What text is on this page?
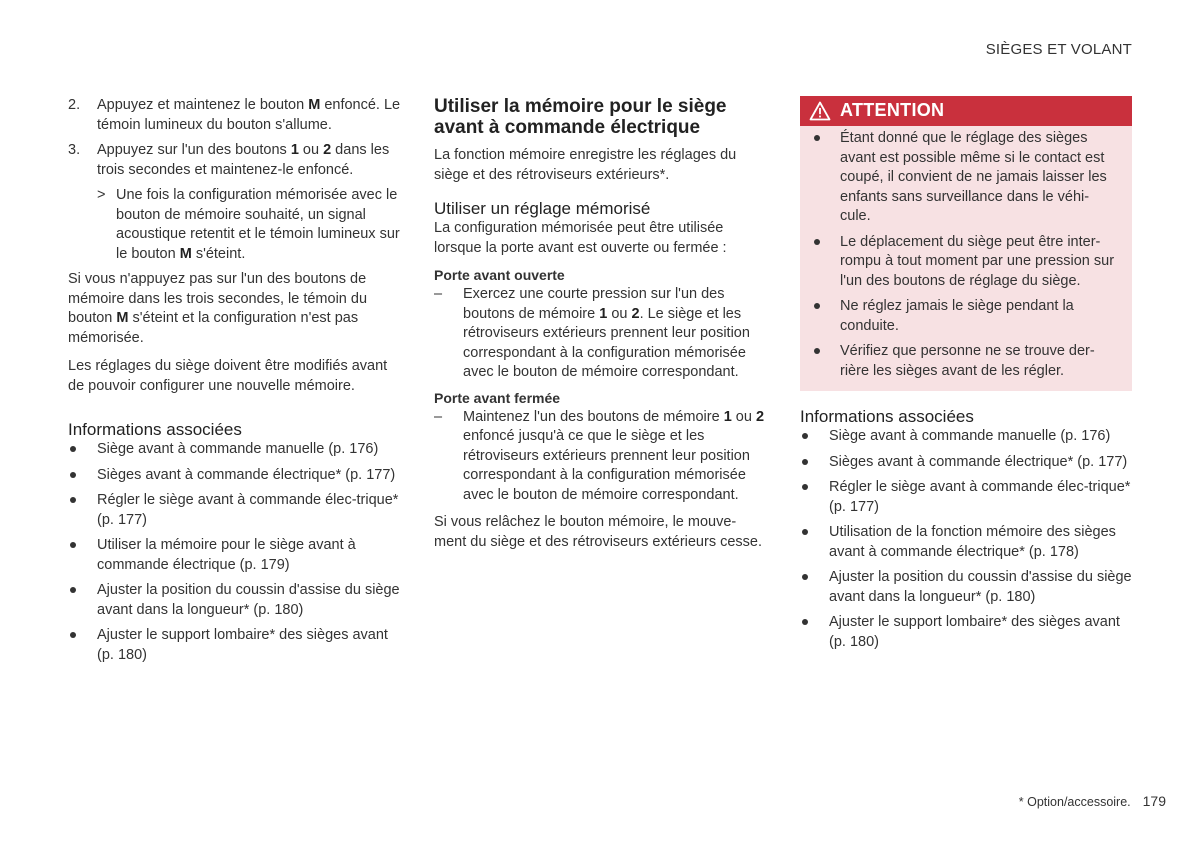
SIÈGES ET VOLANT
2.	Appuyez et maintenez le bouton M enfoncé. Le témoin lumineux du bouton s'allume.
3.	Appuyez sur l'un des boutons 1 ou 2 dans les trois secondes et maintenez-le enfoncé.
> Une fois la configuration mémorisée avec le bouton de mémoire souhaité, un signal acoustique retentit et le témoin lumineux sur le bouton M s'éteint.

Si vous n'appuyez pas sur l'un des boutons de mémoire dans les trois secondes, le témoin du bouton M s'éteint et la configuration n'est pas mémorisée.

Les réglages du siège doivent être modifiés avant de pouvoir configurer une nouvelle mémoire.

Informations associées
Siège avant à commande manuelle (p. 176)
Sièges avant à commande électrique* (p. 177)
Régler le siège avant à commande élec-trique* (p. 177)
Utiliser la mémoire pour le siège avant à commande électrique (p. 179)
Ajuster la position du coussin d'assise du siège avant dans la longueur* (p. 180)
Ajuster le support lombaire* des sièges avant (p. 180)
Utiliser la mémoire pour le siège avant à commande électrique

La fonction mémoire enregistre les réglages du siège et des rétroviseurs extérieurs*.

Utiliser un réglage mémorisé

La configuration mémorisée peut être utilisée lorsque la porte avant est ouverte ou fermée :

Porte avant ouverte
–	Exercez une courte pression sur l'un des boutons de mémoire 1 ou 2. Le siège et les rétroviseurs extérieurs prennent leur position correspondant à la configuration mémorisée avec le bouton de mémoire correspondant.
Porte avant fermée
–	Maintenez l'un des boutons de mémoire 1 ou 2 enfoncé jusqu'à ce que le siège et les rétroviseurs extérieurs prennent leur position correspondant à la configuration mémorisée avec le bouton de mémoire correspondant.

Si vous relâchez le bouton mémoire, le mouve-ment du siège et des rétroviseurs extérieurs cesse.

ATTENTION
Étant donné que le réglage des sièges avant est possible même si le contact est coupé, il convient de ne jamais laisser les enfants sans surveillance dans le véhi-cule.
Le déplacement du siège peut être inter-rompu à tout moment par une pression sur l'un des boutons de réglage du siège.
Ne réglez jamais le siège pendant la conduite.
Vérifiez que personne ne se trouve der-rière les sièges avant de les régler.
Informations associées
Siège avant à commande manuelle (p. 176)
Sièges avant à commande électrique* (p. 177)
Régler le siège avant à commande élec-trique* (p. 177)
Utilisation de la fonction mémoire des sièges avant à commande électrique* (p. 178)
Ajuster la position du coussin d'assise du siège avant dans la longueur* (p. 180)
Ajuster le support lombaire* des sièges avant (p. 180)
* Option/accessoire. 179
